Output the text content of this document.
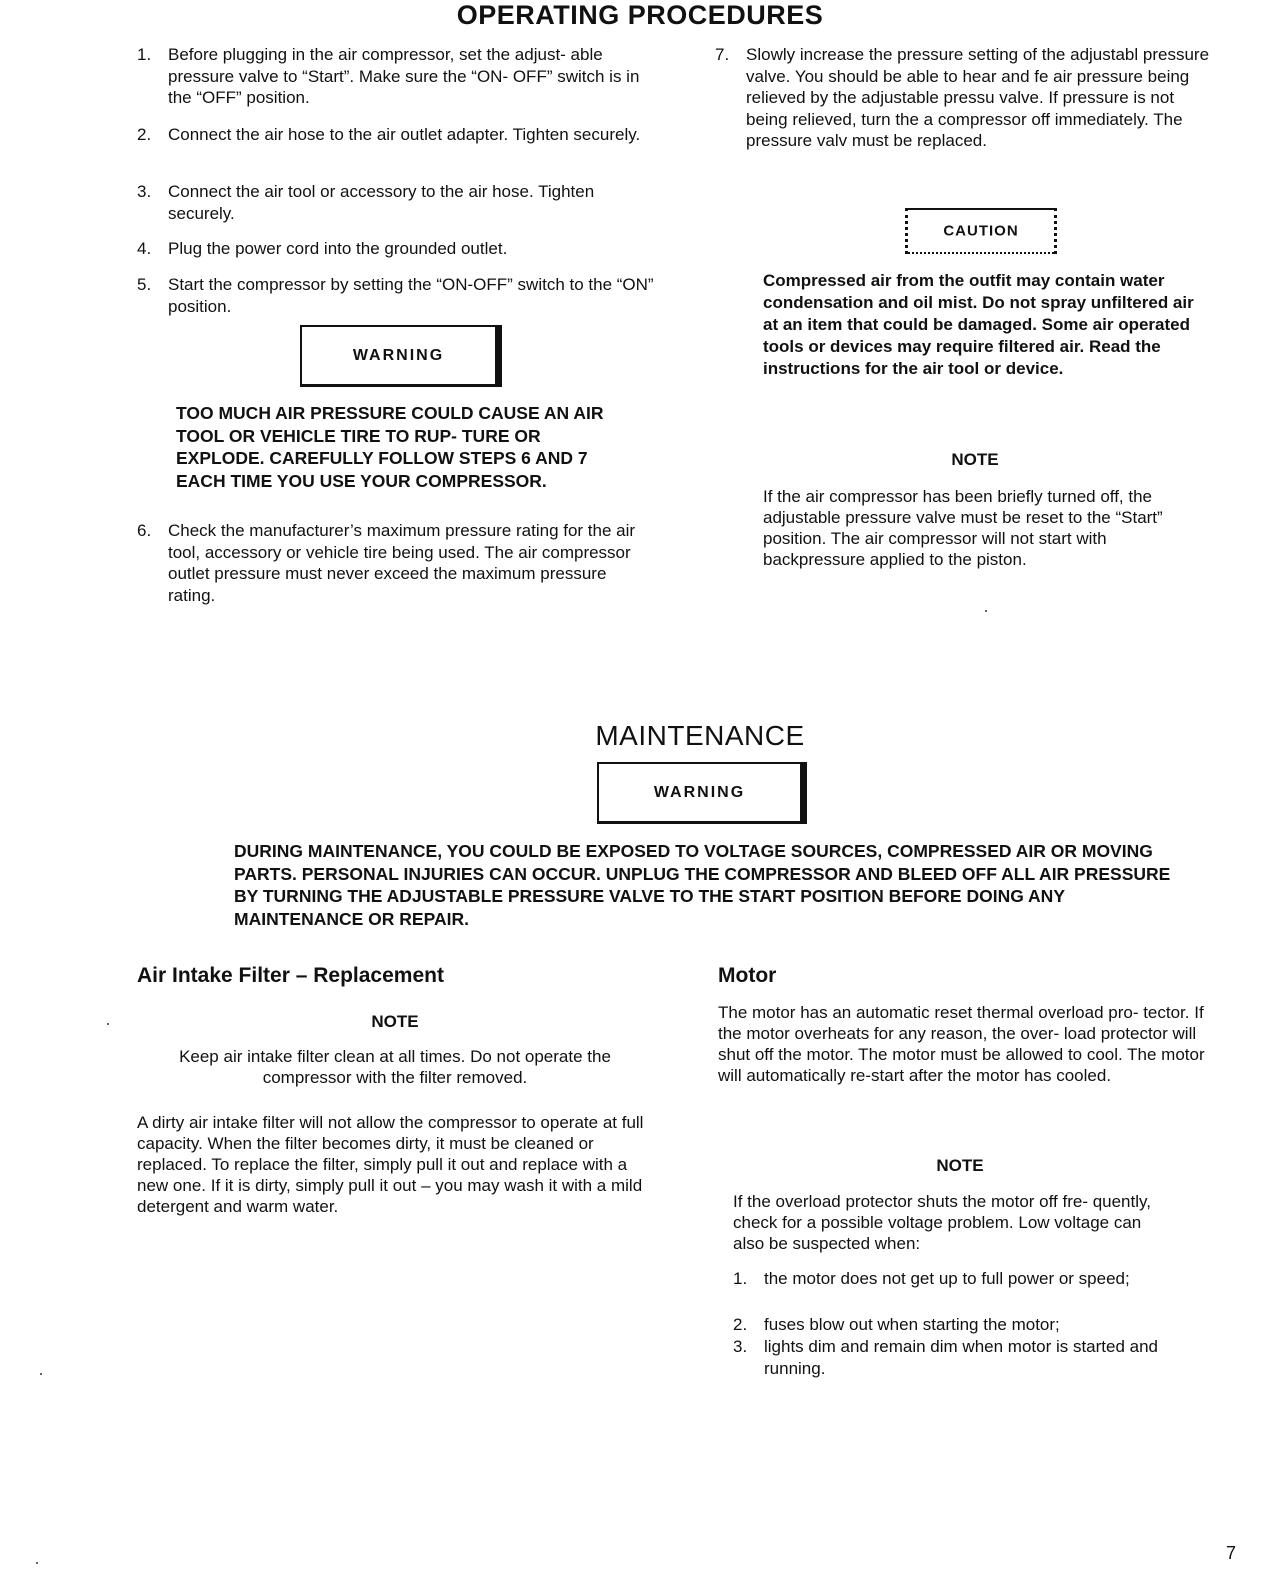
OPERATING PROCEDURES
1. Before plugging in the air compressor, set the adjust- able pressure valve to “Start”. Make sure the “ON- OFF” switch is in the “OFF” position.
2. Connect the air hose to the air outlet adapter. Tighten securely.
3. Connect the air tool or accessory to the air hose. Tighten securely.
4. Plug the power cord into the grounded outlet.
5. Start the compressor by setting the “ON-OFF” switch to the “ON” position.
WARNING
TOO MUCH AIR PRESSURE COULD CAUSE AN AIR TOOL OR VEHICLE TIRE TO RUP- TURE OR EXPLODE. CAREFULLY FOLLOW STEPS 6 AND 7 EACH TIME YOU USE YOUR COMPRESSOR.
6. Check the manufacturer’s maximum pressure rating for the air tool, accessory or vehicle tire being used. The air compressor outlet pressure must never exceed the maximum pressure rating.
7. Slowly increase the pressure setting of the adjustabl pressure valve. You should be able to hear and fe air pressure being relieved by the adjustable pressu valve. If pressure is not being relieved, turn the a compressor off immediately. The pressure valv must be replaced.
CAUTION
Compressed air from the outfit may contain water condensation and oil mist. Do not spray unfiltered air at an item that could be damaged. Some air operated tools or devices may require filtered air. Read the instructions for the air tool or device.
NOTE
If the air compressor has been briefly turned off, the adjustable pressure valve must be reset to the “Start” position. The air compressor will not start with backpressure applied to the piston.
MAINTENANCE
WARNING
DURING MAINTENANCE, YOU COULD BE EXPOSED TO VOLTAGE SOURCES, COMPRESSED AIR OR MOVING PARTS. PERSONAL INJURIES CAN OCCUR. UNPLUG THE COMPRESSOR AND BLEED OFF ALL AIR PRESSURE BY TURNING THE ADJUSTABLE PRESSURE VALVE TO THE START POSITION BEFORE DOING ANY MAINTENANCE OR REPAIR.
Air Intake Filter – Replacement
NOTE
Keep air intake filter clean at all times. Do not operate the compressor with the filter removed.
A dirty air intake filter will not allow the compressor to operate at full capacity. When the filter becomes dirty, it must be cleaned or replaced. To replace the filter, simply pull it out and replace with a new one. If it is dirty, simply pull it out – you may wash it with a mild detergent and warm water.
Motor
The motor has an automatic reset thermal overload pro- tector. If the motor overheats for any reason, the over- load protector will shut off the motor. The motor must be allowed to cool. The motor will automatically re-start after the motor has cooled.
NOTE
If the overload protector shuts the motor off fre- quently, check for a possible voltage problem. Low voltage can also be suspected when:
1. the motor does not get up to full power or speed;
2. fuses blow out when starting the motor;
3. lights dim and remain dim when motor is started and running.
7
